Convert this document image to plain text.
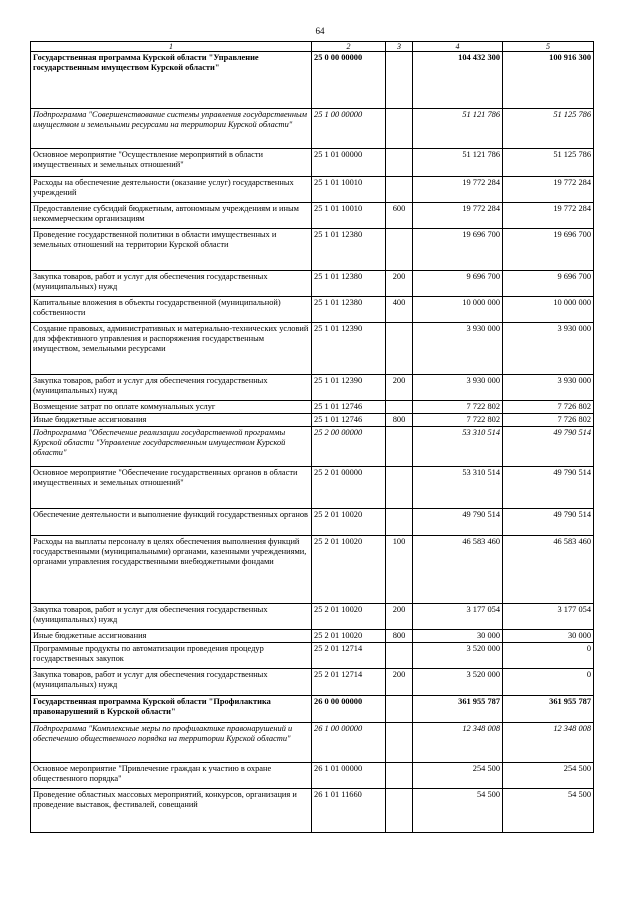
64
1	2	3	4	5
Государственная программа Курской области "Управление государственным имуществом Курской области"	25 0 00 00000		104 432 300	100 916 300
Подпрограмма "Совершенствование системы управления государственным имуществом и земельными ресурсами на территории Курской области"	25 1 00 00000		51 121 786	51 125 786
Основное мероприятие "Осуществление мероприятий в области имущественных и земельных отношений"	25 1 01 00000		51 121 786	51 125 786
Расходы на обеспечение деятельности (оказание услуг) государственных учреждений	25 1 01 10010		19 772 284	19 772 284
Предоставление субсидий бюджетным, автономным учреждениям и иным некоммерческим организациям	25 1 01 10010	600	19 772 284	19 772 284
Проведение государственной политики в области имущественных и земельных отношений на территории Курской области	25 1 01 12380		19 696 700	19 696 700
Закупка товаров, работ и услуг для обеспечения государственных (муниципальных) нужд	25 1 01 12380	200	9 696 700	9 696 700
Капитальные вложения в объекты государственной (муниципальной) собственности	25 1 01 12380	400	10 000 000	10 000 000
Создание правовых, административных и материально-технических условий для эффективного управления и распоряжения государственным имуществом, земельными ресурсами	25 1 01 12390		3 930 000	3 930 000
Закупка товаров, работ и услуг для обеспечения государственных (муниципальных) нужд	25 1 01 12390	200	3 930 000	3 930 000
Возмещение затрат по оплате коммунальных услуг	25 1 01 12746		7 722 802	7 726 802
Иные бюджетные ассигнования	25 1 01 12746	800	7 722 802	7 726 802
Подпрограмма "Обеспечение реализации государственной программы Курской области "Управление государственным имуществом Курской области"	25 2 00 00000		53 310 514	49 790 514
Основное мероприятие "Обеспечение государственных органов в области имущественных и земельных отношений"	25 2 01 00000		53 310 514	49 790 514
Обеспечение деятельности и выполнение функций государственных органов	25 2 01 10020		49 790 514	49 790 514
Расходы на выплаты персоналу в целях обеспечения выполнения функций государственными (муниципальными) органами, казенными учреждениями, органами управления государственными внебюджетными фондами	25 2 01 10020	100	46 583 460	46 583 460
Закупка товаров, работ и услуг для обеспечения государственных (муниципальных) нужд	25 2 01 10020	200	3 177 054	3 177 054
Иные бюджетные ассигнования	25 2 01 10020	800	30 000	30 000
Программные продукты по автоматизации проведения процедур государственных закупок	25 2 01 12714		3 520 000	0
Закупка товаров, работ и услуг для обеспечения государственных (муниципальных) нужд	25 2 01 12714	200	3 520 000	0
Государственная программа Курской области "Профилактика правонарушений в Курской области"	26 0 00 00000		361 955 787	361 955 787
Подпрограмма "Комплексные меры по профилактике правонарушений и обеспечению общественного порядка на территории Курской области"	26 1 00 00000		12 348 008	12 348 008
Основное мероприятие "Привлечение граждан к участию в охране общественного порядка"	26 1 01 00000		254 500	254 500
Проведение областных массовых мероприятий, конкурсов, организация и проведение выставок, фестивалей, совещаний	26 1 01 11660		54 500	54 500
